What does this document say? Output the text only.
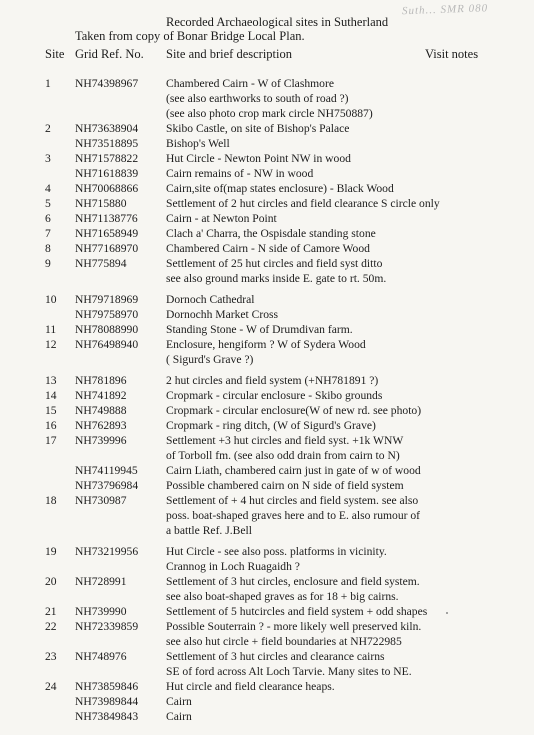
Suth... SMR 080
Recorded Archaeological sites in Sutherland
Taken from copy of Bonar Bridge Local Plan.
Site Grid Ref. No. Site and brief description	Visit notes
1	NH74398967 Chambered Cairn - W of Clashmore
(see also earthworks to south of road ?)
(see also photo crop mark circle NH750887)
2	NH73638904 Skibo Castle, on site of Bishop's Palace
NH73518895 Bishop's Well
3	NH71578822 Hut Circle - Newton Point NW in wood
NH71618839 Cairn remains of - NW in wood
4	NH70068866 Cairn,site of(map states enclosure) - Black Wood
5	NH715880	Settlement of 2 hut circles and field clearance S circle only
6	NH71138776 Cairn - at Newton Point
7	NH71658949 Clach a' Charra, the Ospisdale standing stone
8	NH77168970 Chambered Cairn - N side of Camore Wood
9	NH775894	Settlement of 25 hut circles and field syst ditto
see also ground marks inside E. gate to rt. 50m.
10	NH79718969 Dornoch Cathedral
NH79758970 Dornochh Market Cross
11	NH78088990 Standing Stone - W of Drumdivan farm.
12	NH76498940 Enclosure, hengiform ? W of Sydera Wood
( Sigurd's Grave ?)
13	NH781896	2 hut circles and field system (+NH781891 ?)
14	NH741892	Cropmark - circular enclosure - Skibo grounds
15	NH749888	Cropmark - circular enclosure(W of new rd. see photo)
16	NH762893	Cropmark - ring ditch, (W of Sigurd's Grave)
17	NH739996	Settlement +3 hut circles and field syst. +1k WNW
of Torboll fm. (see also odd drain from cairn to N)
NH74119945 Cairn Liath, chambered cairn just in gate of w of wood
NH73796984 Possible chambered cairn on N side of field system
18	NH730987	Settlement of + 4 hut circles and field system. see also
poss. boat-shaped graves here and to E. also rumour of
a battle Ref. J.Bell
19	NH73219956 Hut Circle - see also poss. platforms in vicinity.
Crannog in Loch Ruagaidh ?
20	NH728991	Settlement of 3 hut circles, enclosure and field system.
see also boat-shaped graves as for 18 + big cairns.
21	NH739990	Settlement of 5 hutcircles and field system + odd shapes
22	NH72339859 Possible Souterrain ? - more likely well preserved kiln.
see also hut circle + field boundaries at NH722985
23	NH748976	Settlement of 3 hut circles and clearance cairns
SE of ford across Alt Loch Tarvie. Many sites to NE.
24	NH73859846 Hut circle and field clearance heaps.
NH73989844 Cairn
NH73849843 Cairn
